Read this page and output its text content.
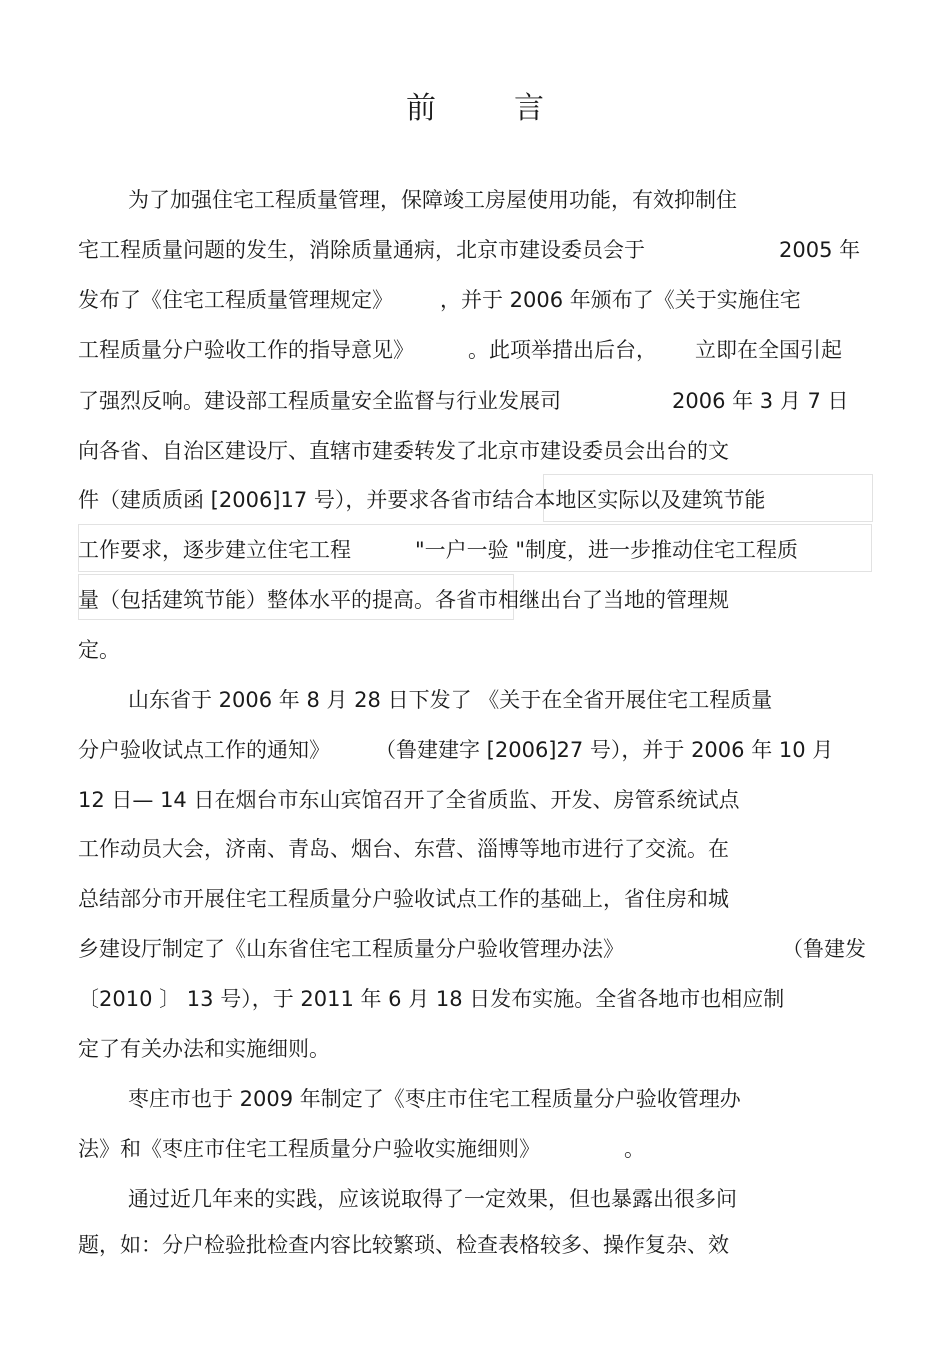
前	言
为了加强住宅工程质量管理，保障竣工房屋使用功能，有效抑制住
宅工程质量问题的发生，消除质量通病，北京市建设委员会于	2005 年
发布了《住宅工程质量管理规定》 ，并于 2006 年颁布了《关于实施住宅
工程质量分户验收工作的指导意见》	。此项举措出后台， 立即在全国引起
了强烈反响。建设部工程质量安全监督与行业发展司	2006 年 3 月 7 日
向各省、自治区建设厅、直辖市建委转发了北京市建设委员会出台的文
件（建质质函 [2006]17 号），并要求各省市结合本地区实际以及建筑节能
工作要求，逐步建立住宅工程	"一户一验 "制度，进一步推动住宅工程质
量（包括建筑节能）整体水平的提高。各省市相继出台了当地的管理规
定。
山东省于 2006 年 8 月 28 日下发了 《关于在全省开展住宅工程质量
分户验收试点工作的通知》 （鲁建建字 [2006]27 号），并于 2006 年 10 月
12 日— 14 日在烟台市东山宾馆召开了全省质监、开发、房管系统试点
工作动员大会，济南、青岛、烟台、东营、淄博等地市进行了交流。在
总结部分市开展住宅工程质量分户验收试点工作的基础上，省住房和城
乡建设厅制定了《山东省住宅工程质量分户验收管理办法》	（鲁建发
〔2010 〕 13 号），于 2011 年 6 月 18 日发布实施。全省各地市也相应制
定了有关办法和实施细则。
枣庄市也于 2009 年制定了《枣庄市住宅工程质量分户验收管理办
法》和《枣庄市住宅工程质量分户验收实施细则》	。
通过近几年来的实践，应该说取得了一定效果，但也暴露出很多问
题，如：分户检验批检查内容比较繁琐、检查表格较多、操作复杂、效
